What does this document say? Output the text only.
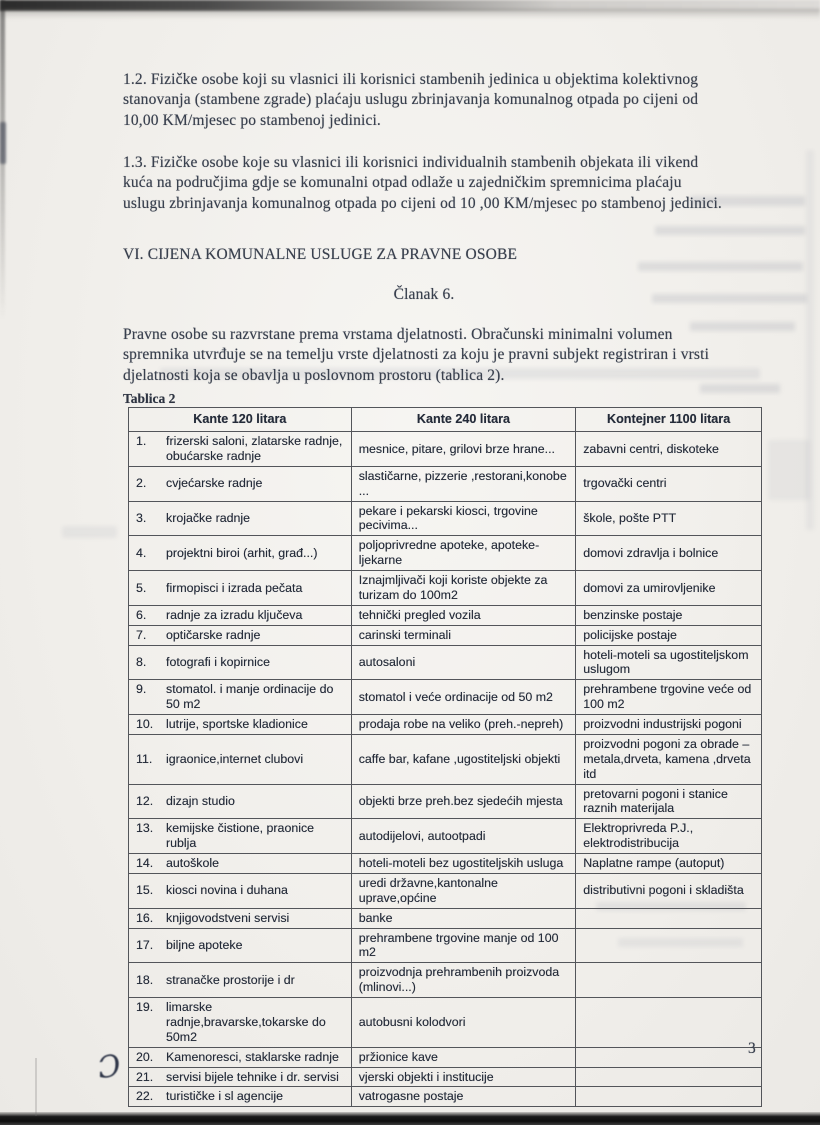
1.2. Fizičke osobe koji su vlasnici ili korisnici stambenih jedinica u objektima kolektivnog stanovanja (stambene zgrade) plaćaju uslugu zbrinjavanja komunalnog otpada po cijeni od 10,00 KM/mjesec po stambenoj jedinici.

1.3. Fizičke osobe koje su vlasnici ili korisnici individualnih stambenih objekata ili vikend kuća na područjima gdje se komunalni otpad odlaže u zajedničkim spremnicima plaćaju uslugu zbrinjavanja komunalnog otpada po cijeni od 10 ,00 KM/mjesec po stambenoj jedinici.

VI. CIJENA KOMUNALNE USLUGE ZA PRAVNE OSOBE

Članak 6.

Pravne osobe su razvrstane prema vrstama djelatnosti. Obračunski minimalni volumen spremnika utvrđuje se na temelju vrste djelatnosti za koju je pravni subjekt registriran i vrsti djelatnosti koja se obavlja u poslovnom prostoru (tablica 2).

Tablica 2
Kante 120 litara	Kante 240 litara	Kontejner 1100 litara

1. frizerski saloni, zlatarske radnje, obućarske radnje	mesnice, pitare, grilovi brze hrane...	zabavni centri, diskoteke

2. cvjećarske radnje	slastičarne, pizzerie ,restorani,konobe ...	trgovački centri

3. krojačke radnje	pekare i pekarski kiosci, trgovine pecivima...	škole, pošte PTT

4. projektni biroi (arhit, građ...)	poljoprivredne apoteke, apoteke-ljekarne	domovi zdravlja i bolnice

5. firmopisci i izrada pečata	Iznajmljivači koji koriste objekte za turizam do 100m2	domovi za umirovljenike

6. radnje za izradu ključeva	tehnički pregled vozila	benzinske postaje

7. optičarske radnje	carinski terminali	policijske postaje

8. fotografi i kopirnice	autosaloni	hoteli-moteli sa ugostiteljskom uslugom

9. stomatol. i manje ordinacije do 50 m2	stomatol i veće ordinacije od 50 m2	prehrambene trgovine veće od 100 m2

10. lutrije, sportske kladionice	prodaja robe na veliko (preh.-nepreh)	proizvodni industrijski pogoni

11. igraonice,internet clubovi	caffe bar, kafane ,ugostiteljski objekti	proizvodni pogoni za obrade – metala,drveta, kamena ,drveta itd

12. dizajn studio	objekti brze preh.bez sjedećih mjesta	pretovarni pogoni i stanice raznih materijala

13. kemijske čistione, praonice rublja	autodijelovi, autootpadi	Elektroprivreda P.J., elektrodistribucija

14. autoškole	hoteli-moteli bez ugostiteljskih usluga	Naplatne rampe (autoput)

15. kiosci novina i duhana	uredi državne,kantonalne uprave,općine	distributivni pogoni i skladišta

16. knjigovodstveni servisi	banke	

17. biljne apoteke	prehrambene trgovine manje od 100 m2	

18. stranačke prostorije i dr	proizvodnja prehrambenih proizvoda (mlinovi...)	

19. limarske radnje,bravarske,tokarske do 50m2	autobusni kolodvori	

20. Kamenoresci, staklarske radnje	pržionice kave	

21. servisi bijele tehnike i dr. servisi	vjerski objekti i institucije	

22. turističke i sl agencije	vatrogasne postaje	
3
Ɔ
